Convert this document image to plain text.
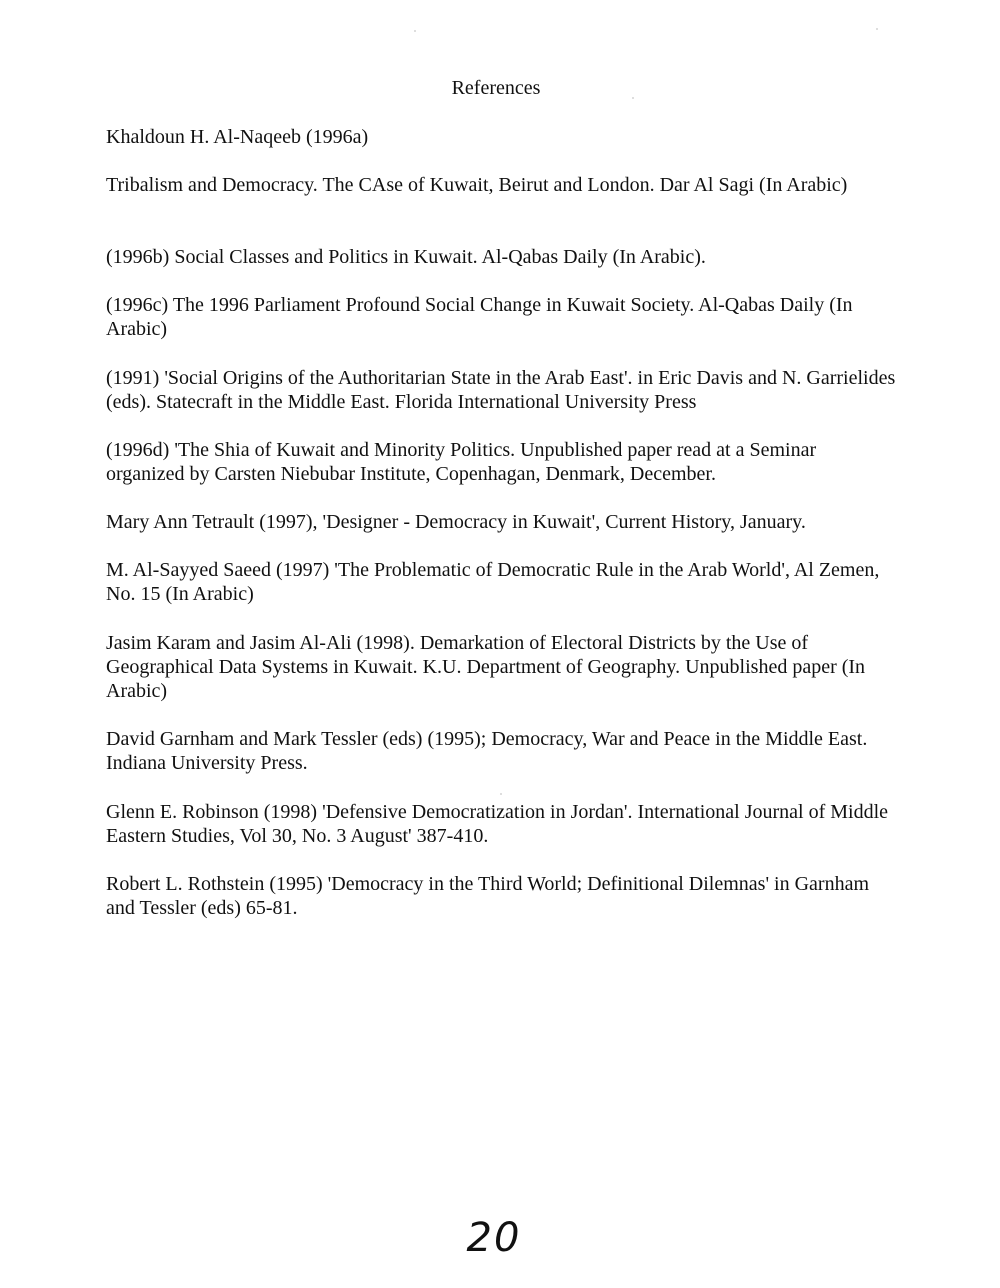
References

Khaldoun H. Al-Naqeeb (1996a)

Tribalism and Democracy. The CAse of Kuwait, Beirut and London. Dar Al Sagi (In Arabic)

(1996b) Social Classes and Politics in Kuwait. Al-Qabas Daily (In Arabic).

(1996c) The 1996 Parliament Profound Social Change in Kuwait Society. Al-Qabas Daily (In Arabic)

(1991) 'Social Origins of the Authoritarian State in the Arab East'. in Eric Davis and N. Garrielides (eds). Statecraft in the Middle East. Florida International University Press

(1996d) 'The Shia of Kuwait and Minority Politics. Unpublished paper read at a Seminar organized by Carsten Niebubar Institute, Copenhagan, Denmark, December.

Mary Ann Tetrault (1997), 'Designer - Democracy in Kuwait', Current History, January.

M. Al-Sayyed Saeed (1997) 'The Problematic of Democratic Rule in the Arab World', Al Zemen, No. 15 (In Arabic)

Jasim Karam and Jasim Al-Ali (1998). Demarkation of Electoral Districts by the Use of Geographical Data Systems in Kuwait. K.U. Department of Geography. Unpublished paper (In Arabic)

David Garnham and Mark Tessler (eds) (1995); Democracy, War and Peace in the Middle East. Indiana University Press.

Glenn E. Robinson (1998) 'Defensive Democratization in Jordan'. International Journal of Middle Eastern Studies, Vol 30, No. 3 August' 387-410.

Robert L. Rothstein (1995) 'Democracy in the Third World; Definitional Dilemnas' in Garnham and Tessler (eds) 65-81.

20
